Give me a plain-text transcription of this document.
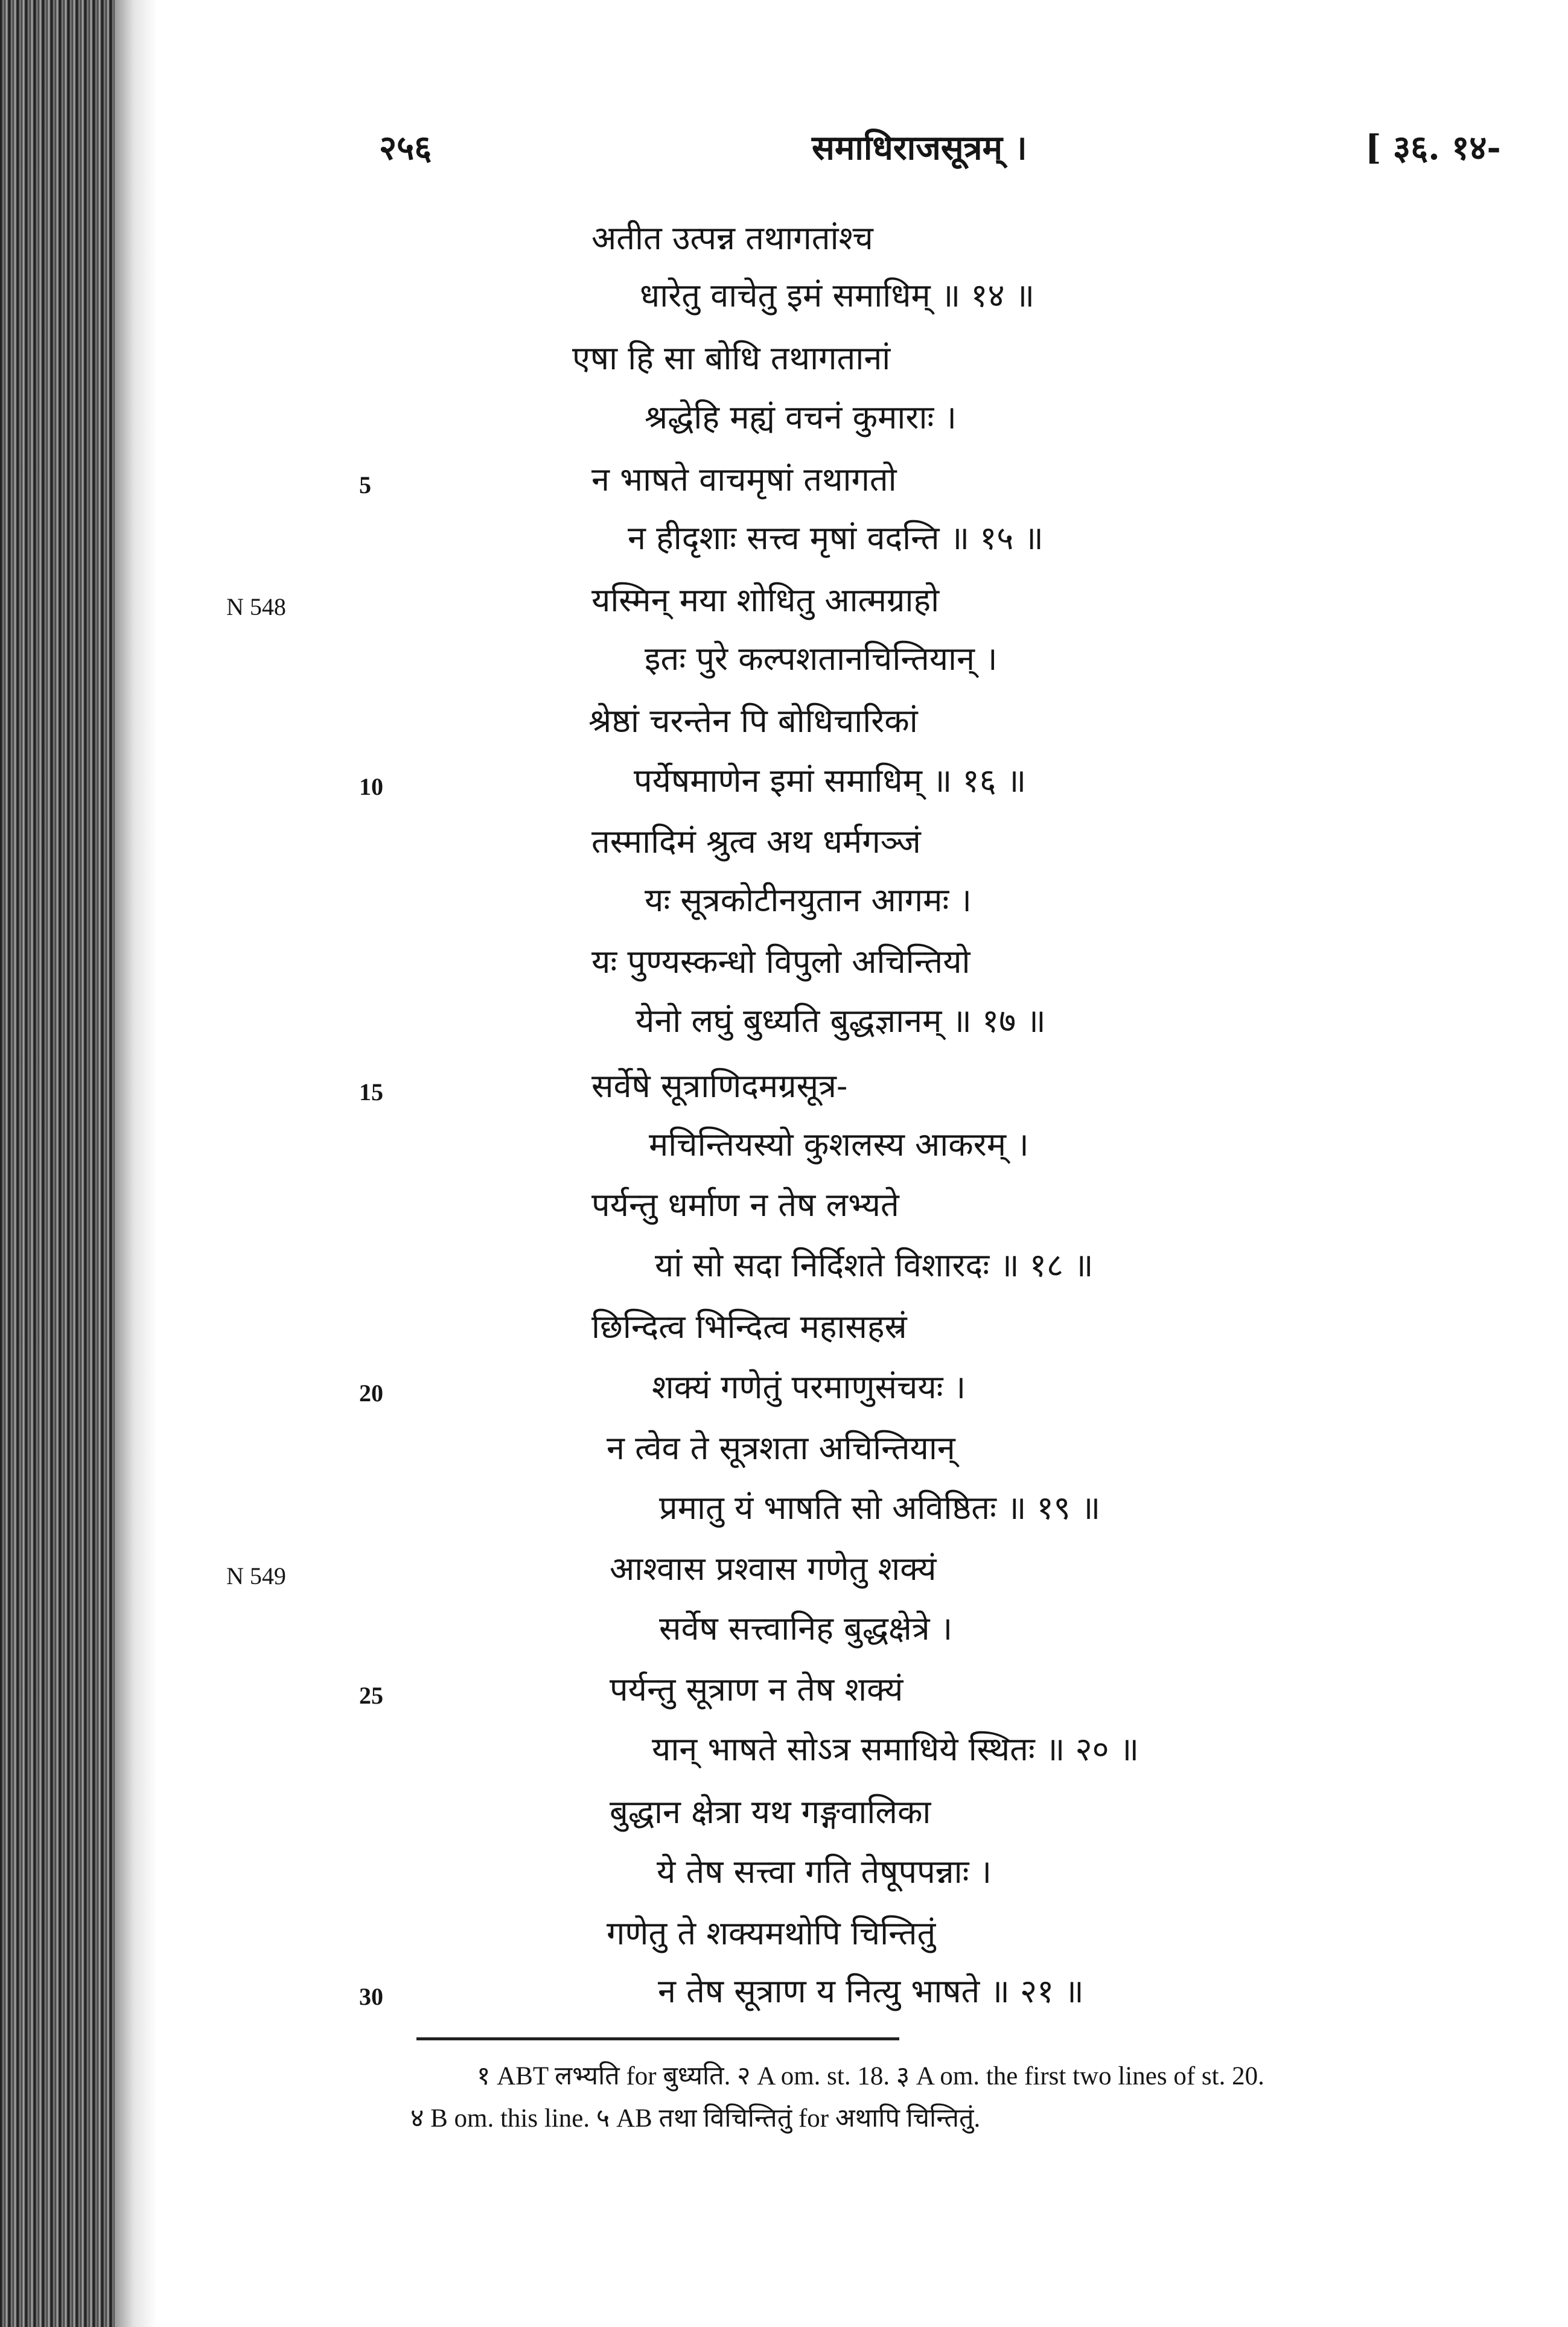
२५६	समाधिराजसूत्रम् ।	[ ३६. १४-
अतीत उत्पन्न तथागतांश्च
धारेतु वाचेतु इमं समाधिम् ॥ १४ ॥
एषा हि सा बोधि तथागतानां
श्रद्धेहि मह्यं वचनं कुमाराः ।
न भाषते वाचमृषां तथागतो
न हीदृशाः सत्त्व मृषां वदन्ति ॥ १५ ॥
यस्मिन् मया शोधितु आत्मग्राहो
इतः पुरे कल्पशतानचिन्तियान् ।
श्रेष्ठां चरन्तेन पि बोधिचारिकां
पर्येषमाणेन इमां समाधिम् ॥ १६ ॥
तस्मादिमं श्रुत्व अथ धर्मगञ्जं
यः सूत्रकोटीनयुतान आगमः ।
यः पुण्यस्कन्धो विपुलो अचिन्तियो
येनो लघुं बुध्यति बुद्धज्ञानम् ॥ १७ ॥
सर्वेषे सूत्राणिदमग्रसूत्र-
मचिन्तियस्यो कुशलस्य आकरम् ।
पर्यन्तु धर्माण न तेष लभ्यते
यां सो सदा निर्दिशते विशारदः ॥ १८ ॥
छिन्दित्व भिन्दित्व महासहस्रं
शक्यं गणेतुं परमाणुसंचयः ।
न त्वेव ते सूत्रशता अचिन्तियान्
प्रमातु यं भाषति सो अविष्ठितः ॥ १९ ॥
आश्वास प्रश्वास गणेतु शक्यं
सर्वेष सत्त्वानिह बुद्धक्षेत्रे ।
पर्यन्तु सूत्राण न तेष शक्यं
यान् भाषते सोऽत्र समाधिये स्थितः ॥ २० ॥
बुद्धान क्षेत्रा यथ गङ्गवालिका
ये तेष सत्त्वा गति तेषूपपन्नाः ।
गणेतु ते शक्यमथोपि चिन्तितुं
न तेष सूत्राण य नित्यु भाषते ॥ २१ ॥
5
10
15
20
25
30
N 548
N 549
१ ABT लभ्यति for बुध्यति. २ A om. st. 18. ३ A om. the first two lines of st. 20.
४ B om. this line. ५ AB तथा विचिन्तितुं for अथापि चिन्तितुं.
